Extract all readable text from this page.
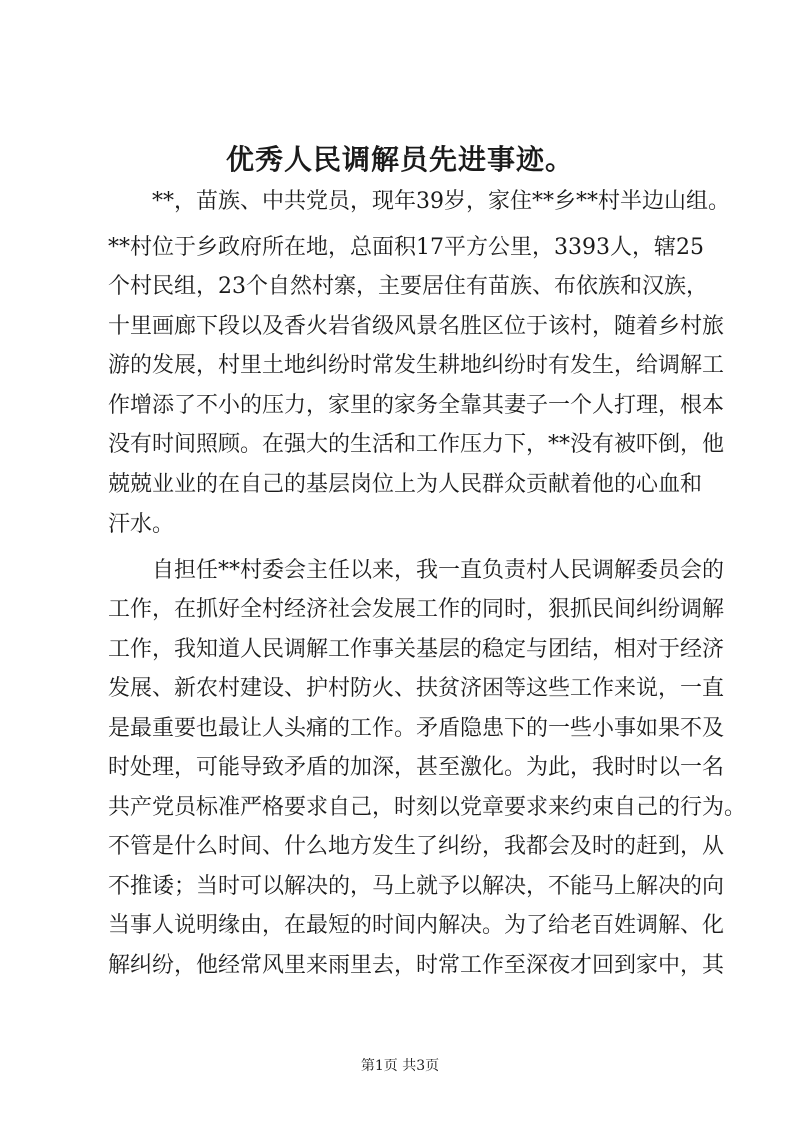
优秀人民调解员先进事迹。

**，苗族、中共党员，现年39岁，家住**乡**村半边山组。

**村位于乡政府所在地，总面积17平方公里，3393人，辖25

个村民组，23个自然村寨，主要居住有苗族、布依族和汉族，

十里画廊下段以及香火岩省级风景名胜区位于该村，随着乡村旅

游的发展，村里土地纠纷时常发生耕地纠纷时有发生，给调解工

作增添了不小的压力，家里的家务全靠其妻子一个人打理，根本

没有时间照顾。在强大的生活和工作压力下，**没有被吓倒，他

兢兢业业的在自己的基层岗位上为人民群众贡献着他的心血和

汗水。

自担任**村委会主任以来，我一直负责村人民调解委员会的

工作，在抓好全村经济社会发展工作的同时，狠抓民间纠纷调解

工作，我知道人民调解工作事关基层的稳定与团结，相对于经济

发展、新农村建设、护村防火、扶贫济困等这些工作来说，一直

是最重要也最让人头痛的工作。矛盾隐患下的一些小事如果不及

时处理，可能导致矛盾的加深，甚至激化。为此，我时时以一名

共产党员标准严格要求自己，时刻以党章要求来约束自己的行为。

不管是什么时间、什么地方发生了纠纷，我都会及时的赶到，从

不推诿；当时可以解决的，马上就予以解决，不能马上解决的向

当事人说明缘由，在最短的时间内解决。为了给老百姓调解、化

解纠纷，他经常风里来雨里去，时常工作至深夜才回到家中，其

第1页 共3页
